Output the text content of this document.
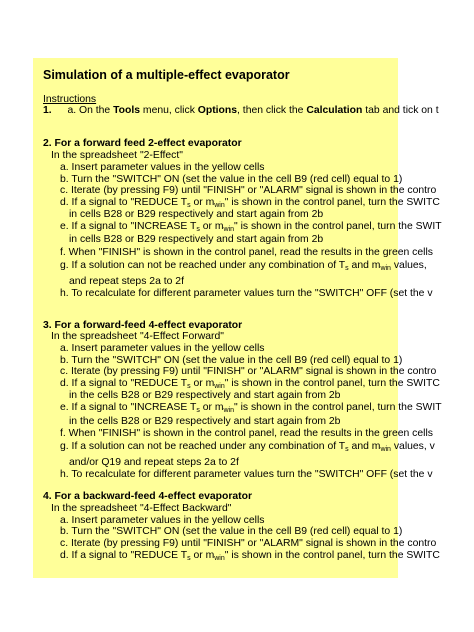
Simulation of a multiple-effect evaporator
Instructions
1. a. On the Tools menu, click Options, then click the Calculation tab and tick on t
2. For a forward feed 2-effect evaporator
In the spreadsheet "2-Effect"
a. Insert parameter values in the yellow cells
b. Turn the "SWITCH" ON (set the value in the cell B9 (red cell) equal to 1)
c. Iterate (by pressing F9) until "FINISH" or "ALARM" signal is shown in the contro
d. If a signal to "REDUCE $T_s$ or $m_{win}$" is shown in the control panel, turn the SWITC
in cells B28 or B29 respectively and start again from 2b
e. If a signal to "INCREASE $T_s$ or $m_{win}$" is shown in the control panel, turn the SWIT
in cells B28 or B29 respectively and start again from 2b
f. When "FINISH" is shown in the control panel, read the results in the green cells
g. If a solution can not be reached under any combination of $T_s$ and $m_{win}$ values,
and repeat steps 2a to 2f
h. To recalculate for different parameter values turn the "SWITCH" OFF (set the v
3. For a forward-feed 4-effect evaporator
In the spreadsheet "4-Effect Forward"
a. Insert parameter values in the yellow cells
b. Turn the "SWITCH" ON (set the value in the cell B9 (red cell) equal to 1)
c. Iterate (by pressing F9) until "FINISH" or "ALARM" signal is shown in the contro
d. If a signal to "REDUCE $T_s$ or $m_{win}$" is shown in the control panel, turn the SWITC
in the cells B28 or B29 respectively and start again from 2b
e. If a signal to "INCREASE $T_s$ or $m_{win}$" is shown in the control panel, turn the SWIT
in the cells B28 or B29 respectively and start again from 2b
f. When "FINISH" is shown in the control panel, read the results in the green cells
g. If a solution can not be reached under any combination of $T_s$ and $m_{win}$ values, v
and/or Q19 and repeat steps 2a to 2f
h. To recalculate for different parameter values turn the "SWITCH" OFF (set the v
4. For a backward-feed 4-effect evaporator
In the spreadsheet "4-Effect Backward"
a. Insert parameter values in the yellow cells
b. Turn the "SWITCH" ON (set the value in the cell B9 (red cell) equal to 1)
c. Iterate (by pressing F9) until "FINISH" or "ALARM" signal is shown in the contro
d. If a signal to "REDUCE $T_s$ or $m_{win}$" is shown in the control panel, turn the SWITC
